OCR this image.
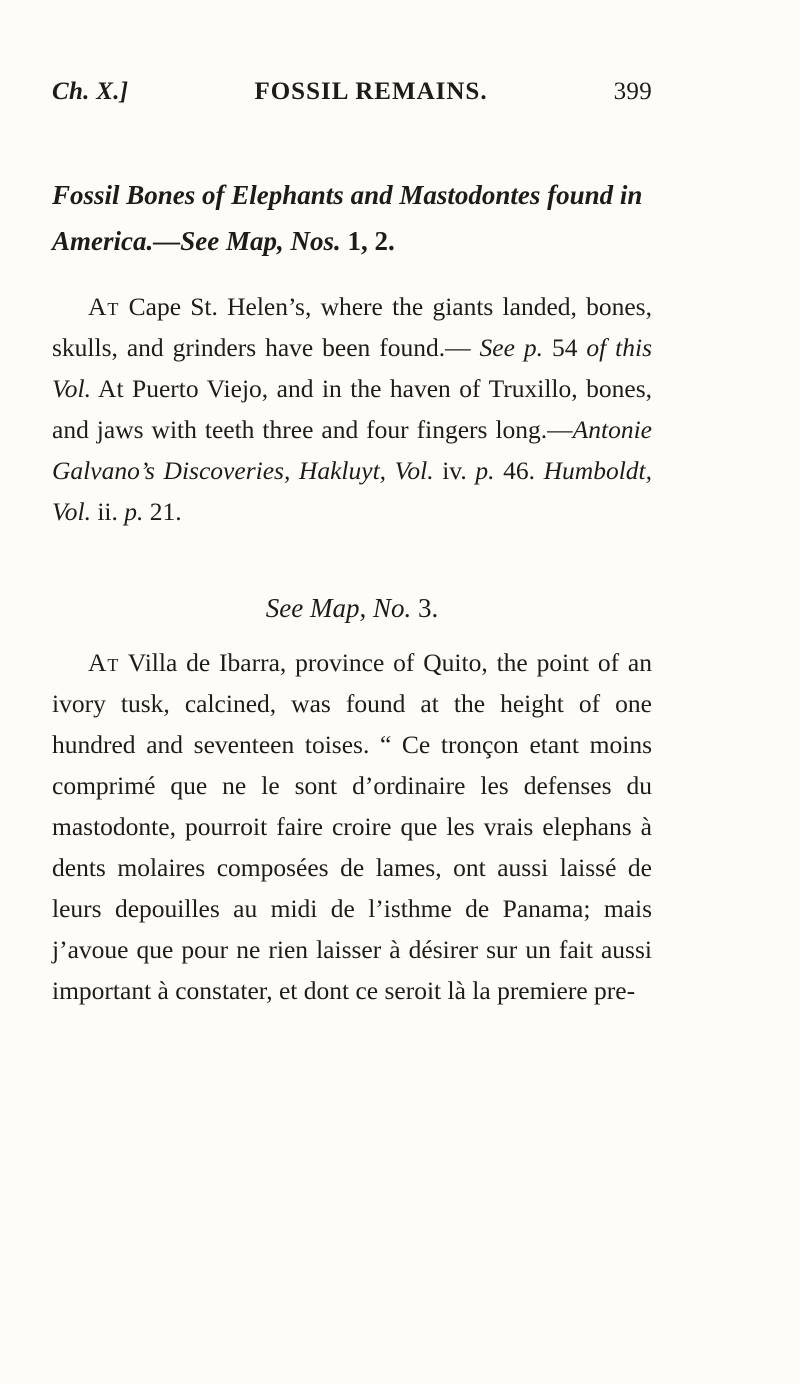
Ch. X.]	FOSSIL REMAINS.	399
Fossil Bones of Elephants and Mastodontes found in America.—See Map, Nos. 1, 2.

At Cape St. Helen’s, where the giants landed, bones, skulls, and grinders have been found.— See p. 54 of this Vol. At Puerto Viejo, and in the haven of Truxillo, bones, and jaws with teeth three and four fingers long.—Antonie Galvano’s Discoveries, Hakluyt, Vol. iv. p. 46. Humboldt, Vol. ii. p. 21.

See Map, No. 3.

At Villa de Ibarra, province of Quito, the point of an ivory tusk, calcined, was found at the height of one hundred and seventeen toises. “ Ce tronçon etant moins comprimé que ne le sont d’ordinaire les defenses du mastodonte, pourroit faire croire que les vrais elephans à dents molaires composées de lames, ont aussi laissé de leurs depouilles au midi de l’isthme de Panama; mais j’avoue que pour ne rien laisser à désirer sur un fait aussi important à constater, et dont ce seroit là la premiere pre-
